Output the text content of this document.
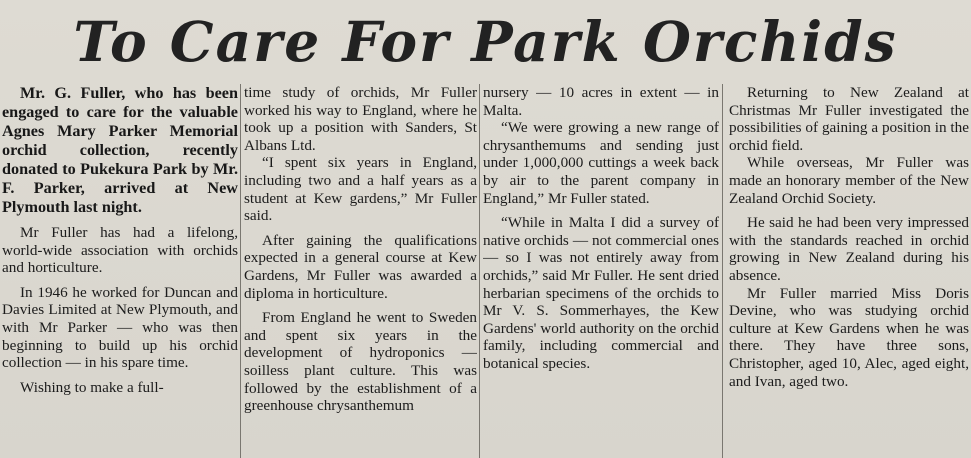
To Care For Park Orchids

Mr. G. Fuller, who has been engaged to care for the valuable Agnes Mary Parker Memorial orchid collection, recently donated to Pukekura Park by Mr. F. Parker, arrived at New Plymouth last night.

Mr Fuller has had a lifelong, world-wide association with orchids and horticulture.

In 1946 he worked for Duncan and Davies Limited at New Plymouth, and with Mr Parker — who was then beginning to build up his orchid collection — in his spare time.

Wishing to make a full-

time study of orchids, Mr Fuller worked his way to England, where he took up a position with Sanders, St Albans Ltd.

“I spent six years in England, including two and a half years as a student at Kew gardens,” Mr Fuller said.

After gaining the qualifications expected in a general course at Kew Gardens, Mr Fuller was awarded a diploma in horticulture.

From England he went to Sweden and spent six years in the development of hydroponics — soilless plant culture. This was followed by the establishment of a greenhouse chrysanthemum

nursery — 10 acres in extent — in Malta.

“We were growing a new range of chrysanthemums and sending just under 1,000,000 cuttings a week back by air to the parent company in England,” Mr Fuller stated.

“While in Malta I did a survey of native orchids — not commercial ones — so I was not entirely away from orchids,” said Mr Fuller. He sent dried herbarian specimens of the orchids to Mr V. S. Sommerhayes, the Kew Gardens' world authority on the orchid family, including commercial and botanical species.

Returning to New Zealand at Christmas Mr Fuller investigated the possibilities of gaining a position in the orchid field.

While overseas, Mr Fuller was made an honorary member of the New Zealand Orchid Society.

He said he had been very impressed with the standards reached in orchid growing in New Zealand during his absence.

Mr Fuller married Miss Doris Devine, who was studying orchid culture at Kew Gardens when he was there. They have three sons, Christopher, aged 10, Alec, aged eight, and Ivan, aged two.
